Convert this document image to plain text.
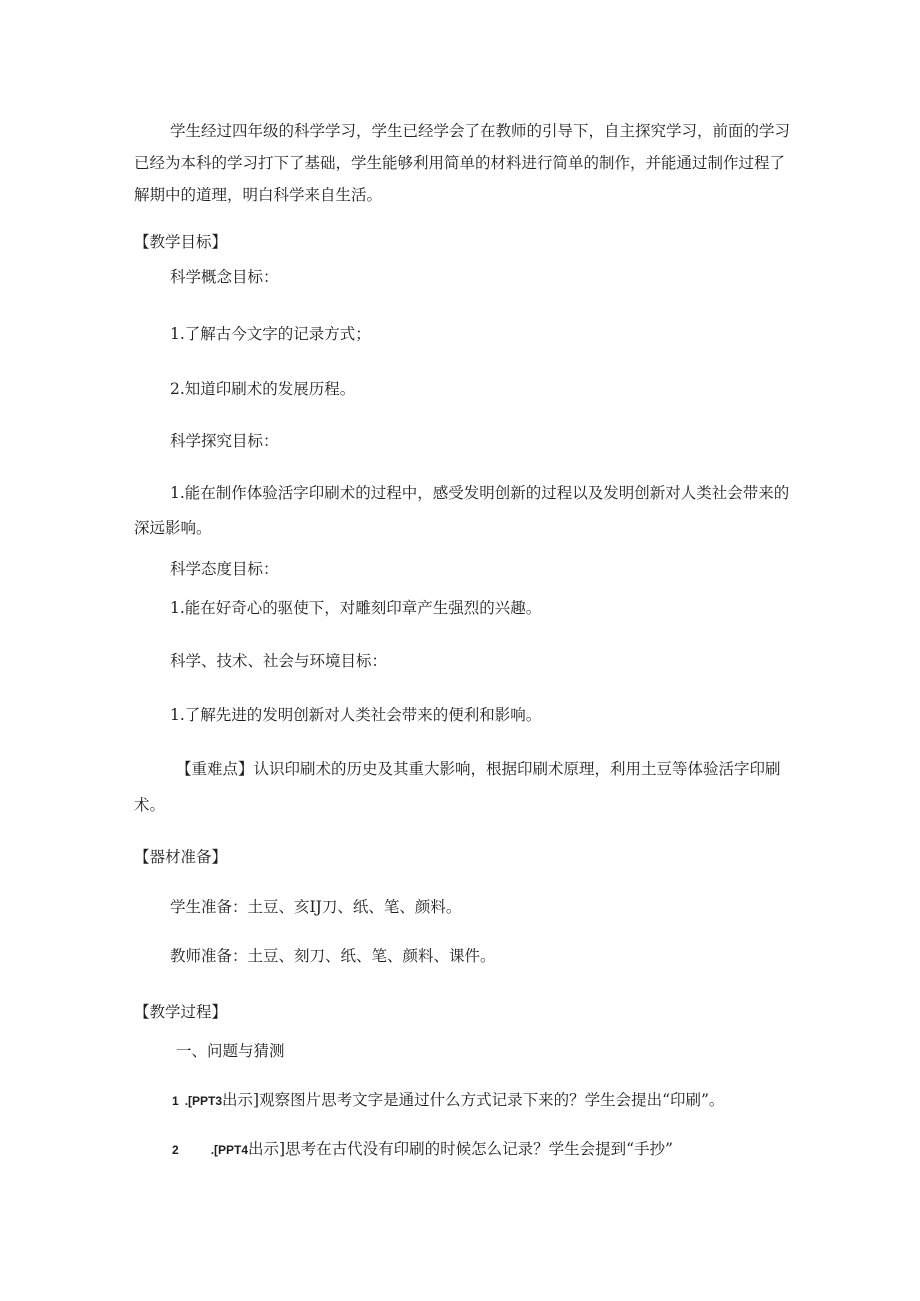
学生经过四年级的科学学习，学生已经学会了在教师的引导下，自主探究学习，前面的学习
已经为本科的学习打下了基础，学生能够利用简单的材料进行简单的制作，并能通过制作过程了
解期中的道理，明白科学来自生活。
【教学目标】
科学概念目标：
1.了解古今文字的记录方式；
2.知道印刷术的发展历程。
科学探究目标：
1.能在制作体验活字印刷术的过程中，感受发明创新的过程以及发明创新对人类社会带来的
深远影响。
科学态度目标：
1.能在好奇心的驱使下，对雕刻印章产生强烈的兴趣。
科学、技术、社会与环境目标：
1.了解先进的发明创新对人类社会带来的便利和影响。
【重难点】认识印刷术的历史及其重大影响，根据印刷术原理，利用土豆等体验活字印刷
术。
【器材准备】
学生准备：土豆、亥IJ刀、纸、笔、颜料。
教师准备：土豆、刻刀、纸、笔、颜料、课件。
【教学过程】
一、问题与猜测
1 .[PPT3出示]观察图片思考文字是通过什么方式记录下来的？学生会提出“印刷”。
2	.[PPT4出示]思考在古代没有印刷的时候怎么记录？学生会提到“手抄”
